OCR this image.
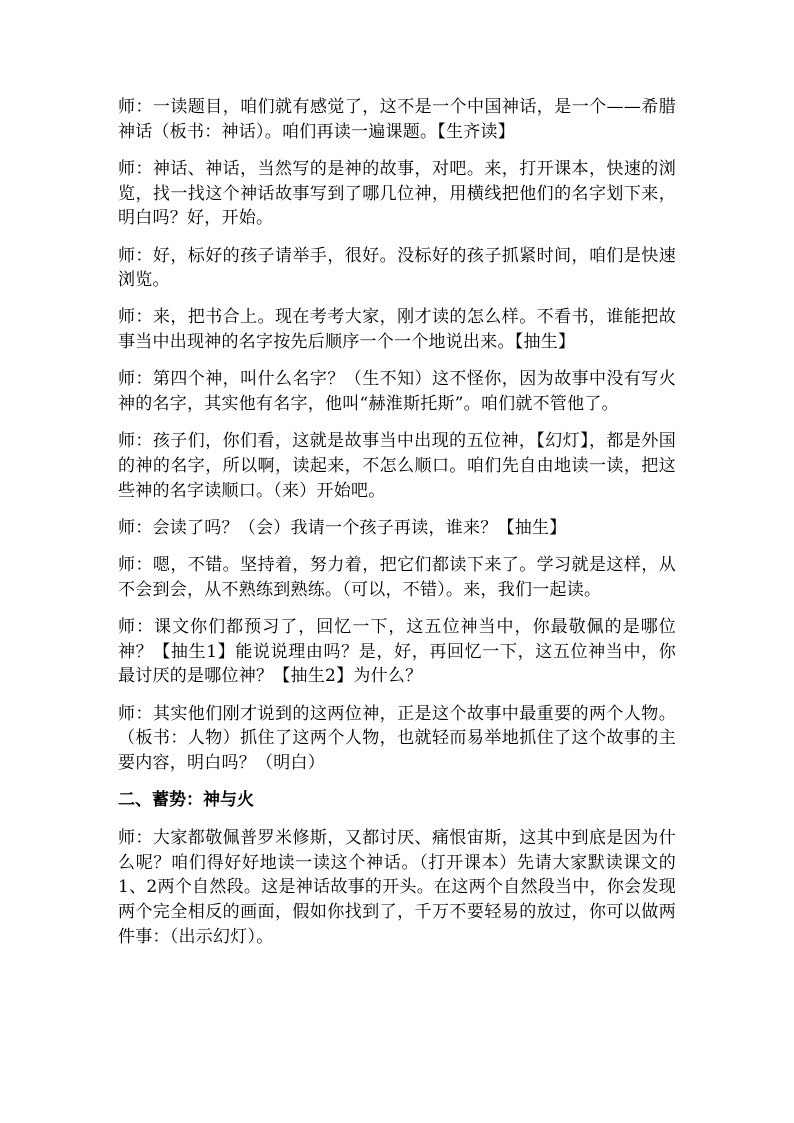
师：一读题目，咱们就有感觉了，这不是一个中国神话，是一个——希腊神话（板书：神话）。咱们再读一遍课题。【生齐读】

师：神话、神话，当然写的是神的故事，对吧。来，打开课本，快速的浏览，找一找这个神话故事写到了哪几位神，用横线把他们的名字划下来，明白吗？好，开始。

师：好，标好的孩子请举手，很好。没标好的孩子抓紧时间，咱们是快速浏览。

师：来，把书合上。现在考考大家，刚才读的怎么样。不看书，谁能把故事当中出现神的名字按先后顺序一个一个地说出来。【抽生】

师：第四个神，叫什么名字？（生不知）这不怪你，因为故事中没有写火神的名字，其实他有名字，他叫“赫淮斯托斯”。咱们就不管他了。

师：孩子们，你们看，这就是故事当中出现的五位神，【幻灯】，都是外国的神的名字，所以啊，读起来，不怎么顺口。咱们先自由地读一读，把这些神的名字读顺口。（来）开始吧。

师：会读了吗？（会）我请一个孩子再读，谁来？【抽生】

师：嗯，不错。坚持着，努力着，把它们都读下来了。学习就是这样，从不会到会，从不熟练到熟练。（可以，不错）。来，我们一起读。

师：课文你们都预习了，回忆一下，这五位神当中，你最敬佩的是哪位神？【抽生1】能说说理由吗？是，好，再回忆一下，这五位神当中，你最讨厌的是哪位神？【抽生2】为什么？

师：其实他们刚才说到的这两位神，正是这个故事中最重要的两个人物。（板书：人物）抓住了这两个人物，也就轻而易举地抓住了这个故事的主要内容，明白吗？（明白）

二、蓄势：神与火

师：大家都敬佩普罗米修斯，又都讨厌、痛恨宙斯，这其中到底是因为什么呢？咱们得好好地读一读这个神话。（打开课本）先请大家默读课文的1、2两个自然段。这是神话故事的开头。在这两个自然段当中，你会发现两个完全相反的画面，假如你找到了，千万不要轻易的放过，你可以做两件事：（出示幻灯）。
